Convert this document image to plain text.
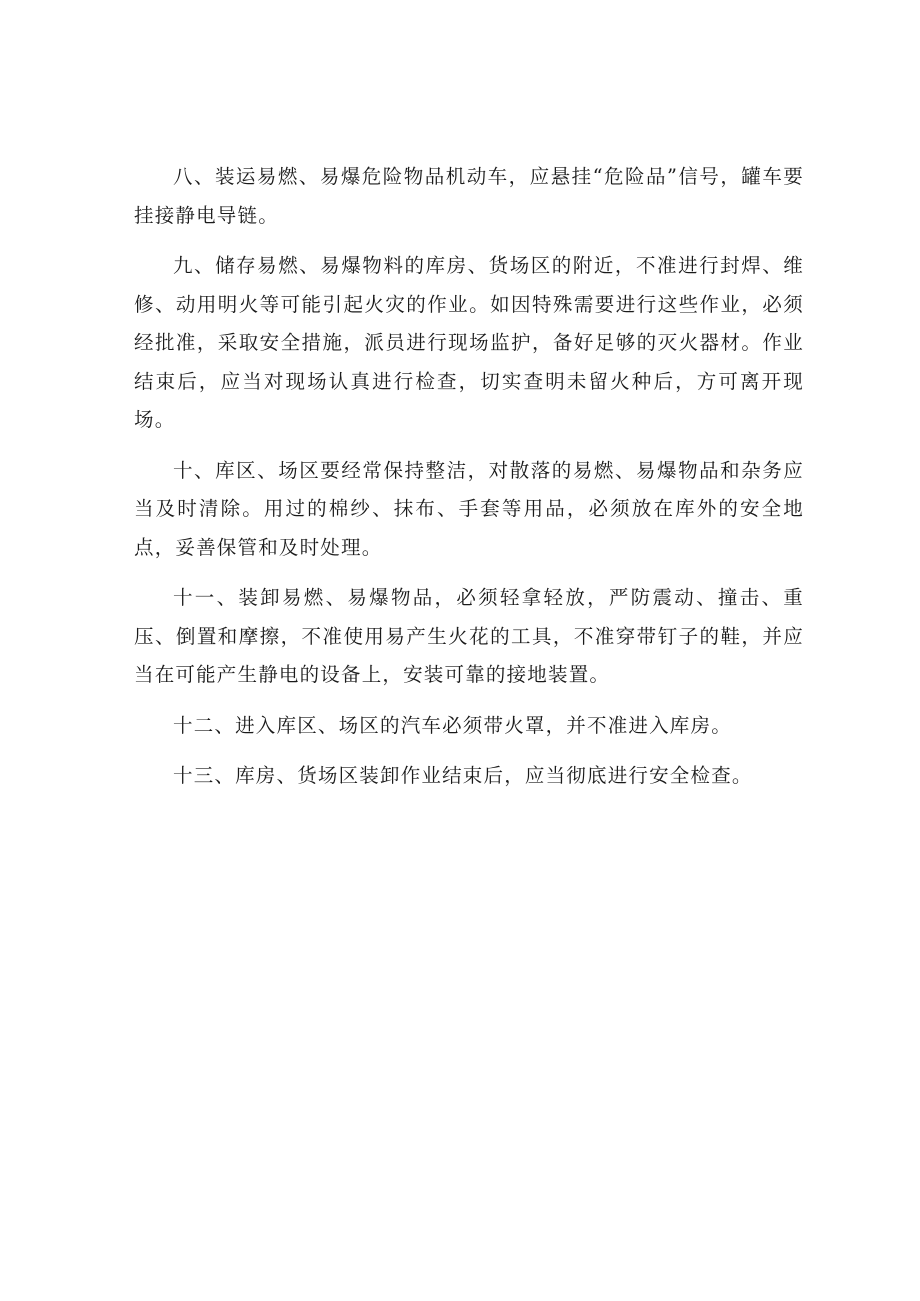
八、装运易燃、易爆危险物品机动车，应悬挂“危险品”信号，罐车要挂接静电导链。

九、储存易燃、易爆物料的库房、货场区的附近，不准进行封焊、维修、动用明火等可能引起火灾的作业。如因特殊需要进行这些作业，必须经批准，采取安全措施，派员进行现场监护，备好足够的灭火器材。作业结束后，应当对现场认真进行检查，切实查明未留火种后，方可离开现场。

十、库区、场区要经常保持整洁，对散落的易燃、易爆物品和杂务应当及时清除。用过的棉纱、抹布、手套等用品，必须放在库外的安全地点，妥善保管和及时处理。

十一、装卸易燃、易爆物品，必须轻拿轻放，严防震动、撞击、重压、倒置和摩擦，不准使用易产生火花的工具，不准穿带钉子的鞋，并应当在可能产生静电的设备上，安装可靠的接地装置。

十二、进入库区、场区的汽车必须带火罩，并不准进入库房。

十三、库房、货场区装卸作业结束后，应当彻底进行安全检查。
